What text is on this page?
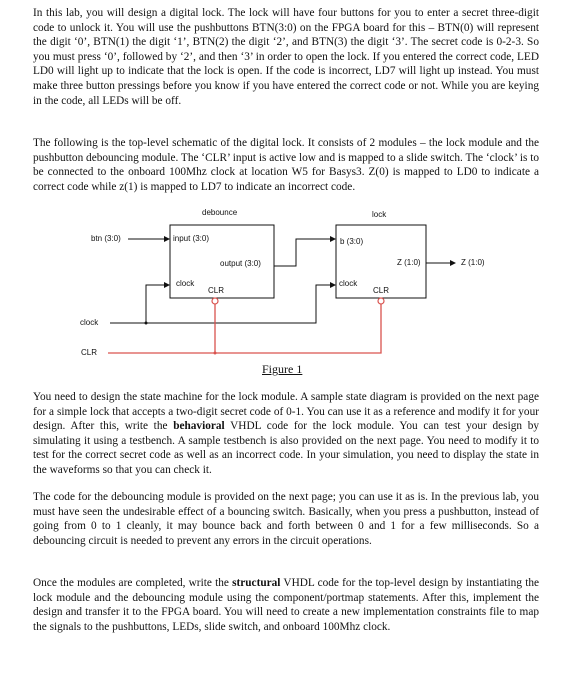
In this lab, you will design a digital lock. The lock will have four buttons for you to enter a secret three-digit code to unlock it. You will use the pushbuttons BTN(3:0) on the FPGA board for this – BTN(0) will represent the digit ‘0’, BTN(1) the digit ‘1’, BTN(2) the digit ‘2’, and BTN(3) the digit ‘3’. The secret code is 0-2-3. So you must press ‘0’, followed by ‘2’, and then ‘3’ in order to open the lock. If you entered the correct code, LED LD0 will light up to indicate that the lock is open. If the code is incorrect, LD7 will light up instead. You must make three button pressings before you know if you have entered the correct code or not. While you are keying in the code, all LEDs will be off.

The following is the top-level schematic of the digital lock. It consists of 2 modules – the lock module and the pushbutton debouncing module. The ‘CLR’ input is active low and is mapped to a slide switch. The ‘clock’ is to be connected to the onboard 100Mhz clock at location W5 for Basys3. Z(0) is mapped to LD0 to indicate a correct code while z(1) is mapped to LD7 to indicate an incorrect code.

debounce	lock
btn (3:0)	input (3:0)
output (3:0)
clock
CLR
b (3:0)
clock
CLR
Z (1:0)	Z (1:0)
clock
CLR
Figure 1

You need to design the state machine for the lock module. A sample state diagram is provided on the next page for a simple lock that accepts a two-digit secret code of 0-1. You can use it as a reference and modify it for your design. After this, write the behavioral VHDL code for the lock module. You can test your design by simulating it using a testbench. A sample testbench is also provided on the next page. You need to modify it to test for the correct secret code as well as an incorrect code. In your simulation, you need to display the state in the waveforms so that you can check it.

The code for the debouncing module is provided on the next page; you can use it as is. In the previous lab, you must have seen the undesirable effect of a bouncing switch. Basically, when you press a pushbutton, instead of going from 0 to 1 cleanly, it may bounce back and forth between 0 and 1 for a few milliseconds. So a debouncing circuit is needed to prevent any errors in the circuit operations.

Once the modules are completed, write the structural VHDL code for the top-level design by instantiating the lock module and the debouncing module using the component/portmap statements. After this, implement the design and transfer it to the FPGA board. You will need to create a new implementation constraints file to map the signals to the pushbuttons, LEDs, slide switch, and onboard 100Mhz clock.
